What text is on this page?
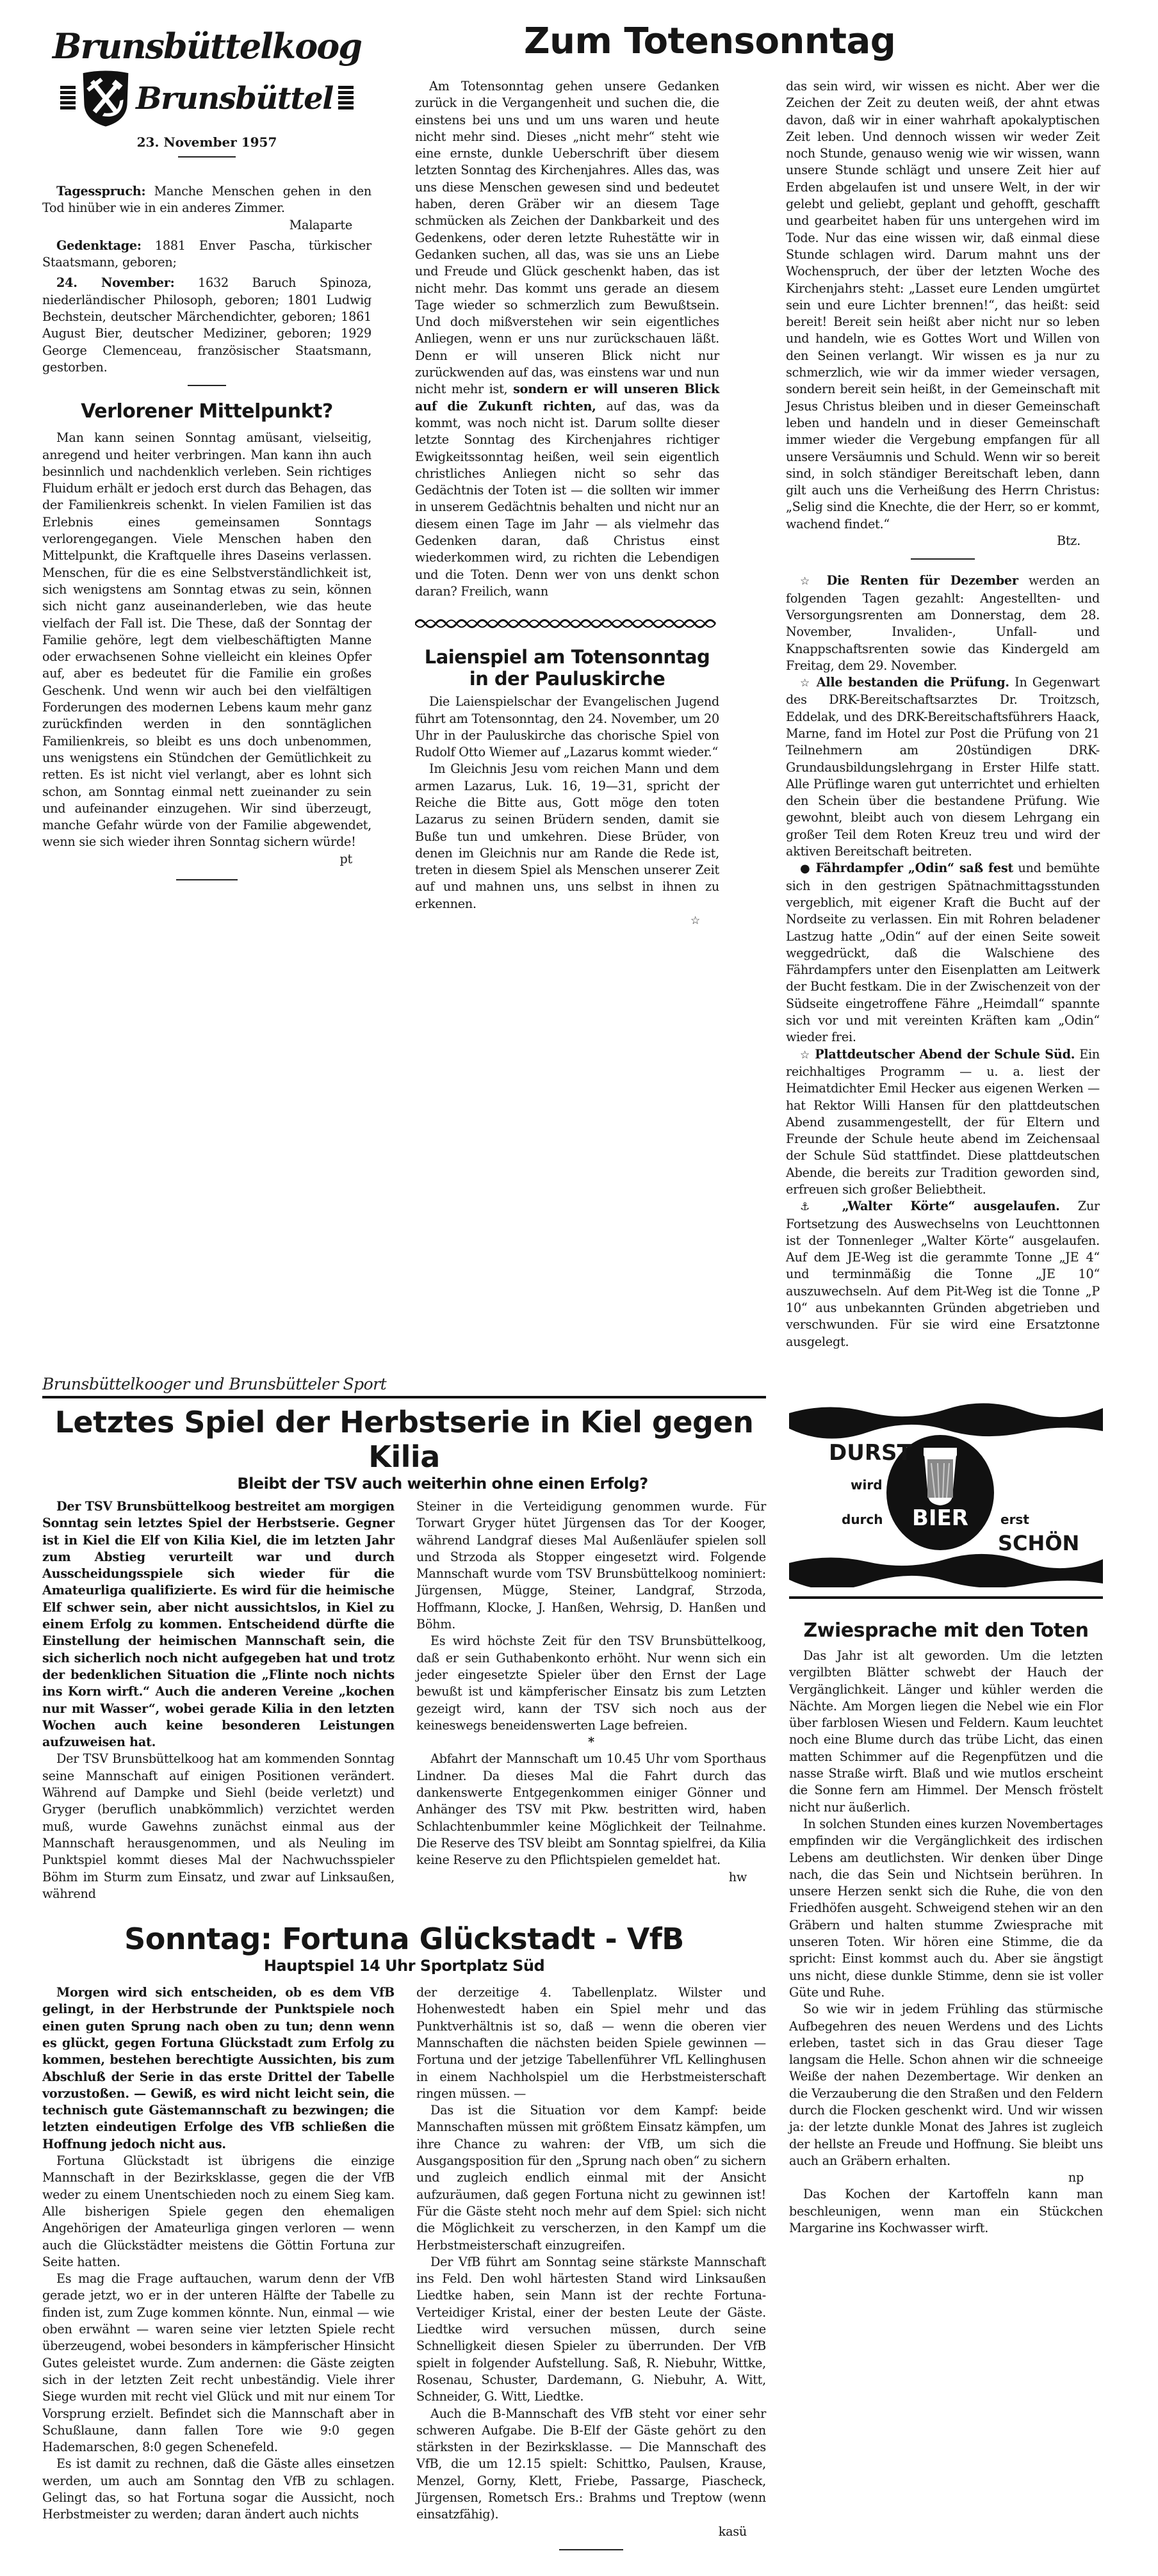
Brunsbüttelkoog
Brunsbüttel
23. November 1957

Tagesspruch: Manche Menschen gehen in den Tod hinüber wie in ein anderes Zimmer.

Malaparte

Gedenktage: 1881 Enver Pascha, türkischer Staatsmann, geboren;

24. November: 1632 Baruch Spinoza, niederländischer Philosoph, geboren; 1801 Ludwig Bechstein, deutscher Märchendichter, geboren; 1861 August Bier, deutscher Mediziner, geboren; 1929 George Clemenceau, französischer Staatsmann, gestorben.

Verlorener Mittelpunkt?

Man kann seinen Sonntag amüsant, vielseitig, anregend und heiter verbringen. Man kann ihn auch besinnlich und nachdenklich verleben. Sein richtiges Fluidum erhält er jedoch erst durch das Behagen, das der Familienkreis schenkt. In vielen Familien ist das Erlebnis eines gemeinsamen Sonntags verlorengegangen. Viele Menschen haben den Mittelpunkt, die Kraftquelle ihres Daseins verlassen. Menschen, für die es eine Selbstverständlichkeit ist, sich wenigstens am Sonntag etwas zu sein, können sich nicht ganz auseinanderleben, wie das heute vielfach der Fall ist. Die These, daß der Sonntag der Familie gehöre, legt dem vielbeschäftigten Manne oder erwachsenen Sohne vielleicht ein kleines Opfer auf, aber es bedeutet für die Familie ein großes Geschenk. Und wenn wir auch bei den vielfältigen Forderungen des modernen Lebens kaum mehr ganz zurückfinden werden in den sonntäglichen Familienkreis, so bleibt es uns doch unbenommen, uns wenigstens ein Stündchen der Gemütlichkeit zu retten. Es ist nicht viel verlangt, aber es lohnt sich schon, am Sonntag einmal nett zueinander zu sein und aufeinander einzugehen. Wir sind überzeugt, manche Gefahr würde von der Familie abgewendet, wenn sie sich wieder ihren Sonntag sichern würde!

pt

Zum Totensonntag

Am Totensonntag gehen unsere Gedanken zurück in die Vergangenheit und suchen die, die einstens bei uns und um uns waren und heute nicht mehr sind. Dieses „nicht mehr“ steht wie eine ernste, dunkle Ueberschrift über diesem letzten Sonntag des Kirchenjahres. Alles das, was uns diese Menschen gewesen sind und bedeutet haben, deren Gräber wir an diesem Tage schmücken als Zeichen der Dankbarkeit und des Gedenkens, oder deren letzte Ruhestätte wir in Gedanken suchen, all das, was sie uns an Liebe und Freude und Glück geschenkt haben, das ist nicht mehr. Das kommt uns gerade an diesem Tage wieder so schmerzlich zum Bewußtsein. Und doch mißverstehen wir sein eigentliches Anliegen, wenn er uns nur zurückschauen läßt. Denn er will unseren Blick nicht nur zurückwenden auf das, was einstens war und nun nicht mehr ist, sondern er will unseren Blick auf die Zukunft richten, auf das, was da kommt, was noch nicht ist. Darum sollte dieser letzte Sonntag des Kirchenjahres richtiger Ewigkeitssonntag heißen, weil sein eigentlich christliches Anliegen nicht so sehr das Gedächtnis der Toten ist — die sollten wir immer in unserem Gedächtnis behalten und nicht nur an diesem einen Tage im Jahr — als vielmehr das Gedenken daran, daß Christus einst wiederkommen wird, zu richten die Lebendigen und die Toten. Denn wer von uns denkt schon daran? Freilich, wann

Laienspiel am Totensonntag in der Pauluskirche

Die Laienspielschar der Evangelischen Jugend führt am Totensonntag, den 24. November, um 20 Uhr in der Pauluskirche das chorische Spiel von Rudolf Otto Wiemer auf „Lazarus kommt wieder.“

Im Gleichnis Jesu vom reichen Mann und dem armen Lazarus, Luk. 16, 19—31, spricht der Reiche die Bitte aus, Gott möge den toten Lazarus zu seinen Brüdern senden, damit sie Buße tun und umkehren. Diese Brüder, von denen im Gleichnis nur am Rande die Rede ist, treten in diesem Spiel als Menschen unserer Zeit auf und mahnen uns, uns selbst in ihnen zu erkennen.

☆

das sein wird, wir wissen es nicht. Aber wer die Zeichen der Zeit zu deuten weiß, der ahnt etwas davon, daß wir in einer wahrhaft apokalyptischen Zeit leben. Und dennoch wissen wir weder Zeit noch Stunde, genauso wenig wie wir wissen, wann unsere Stunde schlägt und unsere Zeit hier auf Erden abgelaufen ist und unsere Welt, in der wir gelebt und geliebt, geplant und gehofft, geschafft und gearbeitet haben für uns untergehen wird im Tode. Nur das eine wissen wir, daß einmal diese Stunde schlagen wird. Darum mahnt uns der Wochenspruch, der über der letzten Woche des Kirchenjahrs steht: „Lasset eure Lenden umgürtet sein und eure Lichter brennen!“, das heißt: seid bereit! Bereit sein heißt aber nicht nur so leben und handeln, wie es Gottes Wort und Willen von den Seinen verlangt. Wir wissen es ja nur zu schmerzlich, wie wir da immer wieder versagen, sondern bereit sein heißt, in der Gemeinschaft mit Jesus Christus bleiben und in dieser Gemeinschaft leben und handeln und in dieser Gemeinschaft immer wieder die Vergebung empfangen für all unsere Versäumnis und Schuld. Wenn wir so bereit sind, in solch ständiger Bereitschaft leben, dann gilt auch uns die Verheißung des Herrn Christus: „Selig sind die Knechte, die der Herr, so er kommt, wachend findet.“

Btz.

☆ Die Renten für Dezember werden an folgenden Tagen gezahlt: Angestellten- und Versorgungsrenten am Donnerstag, dem 28. November, Invaliden-, Unfall- und Knappschaftsrenten sowie das Kindergeld am Freitag, dem 29. November.

☆ Alle bestanden die Prüfung. In Gegenwart des DRK-Bereitschaftsarztes Dr. Troitzsch, Eddelak, und des DRK-Bereitschaftsführers Haack, Marne, fand im Hotel zur Post die Prüfung von 21 Teilnehmern am 20stündigen DRK-Grundausbildungslehrgang in Erster Hilfe statt. Alle Prüflinge waren gut unterrichtet und erhielten den Schein über die bestandene Prüfung. Wie gewohnt, bleibt auch von diesem Lehrgang ein großer Teil dem Roten Kreuz treu und wird der aktiven Bereitschaft beitreten.

● Fährdampfer „Odin“ saß fest und bemühte sich in den gestrigen Spätnachmittagsstunden vergeblich, mit eigener Kraft die Bucht auf der Nordseite zu verlassen. Ein mit Rohren beladener Lastzug hatte „Odin“ auf der einen Seite soweit weggedrückt, daß die Walschiene des Fährdampfers unter den Eisenplatten am Leitwerk der Bucht festkam. Die in der Zwischenzeit von der Südseite eingetroffene Fähre „Heimdall“ spannte sich vor und mit vereinten Kräften kam „Odin“ wieder frei.

☆ Plattdeutscher Abend der Schule Süd. Ein reichhaltiges Programm — u. a. liest der Heimatdichter Emil Hecker aus eigenen Werken — hat Rektor Willi Hansen für den plattdeutschen Abend zusammengestellt, der für Eltern und Freunde der Schule heute abend im Zeichensaal der Schule Süd stattfindet. Diese plattdeutschen Abende, die bereits zur Tradition geworden sind, erfreuen sich großer Beliebtheit.

⚓ „Walter Körte“ ausgelaufen. Zur Fortsetzung des Auswechselns von Leuchttonnen ist der Tonnenleger „Walter Körte“ ausgelaufen. Auf dem JE-Weg ist die gerammte Tonne „JE 4“ und terminmäßig die Tonne „JE 10“ auszuwechseln. Auf dem Pit-Weg ist die Tonne „P 10“ aus unbekannten Gründen abgetrieben und verschwunden. Für sie wird eine Ersatztonne ausgelegt.

Brunsbüttelkooger und Brunsbütteler Sport
Letztes Spiel der Herbstserie in Kiel gegen Kilia
Bleibt der TSV auch weiterhin ohne einen Erfolg?

Der TSV Brunsbüttelkoog bestreitet am morgigen Sonntag sein letztes Spiel der Herbstserie. Gegner ist in Kiel die Elf von Kilia Kiel, die im letzten Jahr zum Abstieg verurteilt war und durch Ausscheidungsspiele sich wieder für die Amateurliga qualifizierte. Es wird für die heimische Elf schwer sein, aber nicht aussichtslos, in Kiel zu einem Erfolg zu kommen. Entscheidend dürfte die Einstellung der heimischen Mannschaft sein, die sich sicherlich noch nicht aufgegeben hat und trotz der bedenklichen Situation die „Flinte noch nichts ins Korn wirft.“ Auch die anderen Vereine „kochen nur mit Wasser“, wobei gerade Kilia in den letzten Wochen auch keine besonderen Leistungen aufzuweisen hat.

Der TSV Brunsbüttelkoog hat am kommenden Sonntag seine Mannschaft auf einigen Positionen verändert. Während auf Dampke und Siehl (beide verletzt) und Gryger (beruflich unabkömmlich) verzichtet werden muß, wurde Gawehns zunächst einmal aus der Mannschaft herausgenommen, und als Neuling im Punktspiel kommt dieses Mal der Nachwuchsspieler Böhm im Sturm zum Einsatz, und zwar auf Linksaußen, während

Steiner in die Verteidigung genommen wurde. Für Torwart Gryger hütet Jürgensen das Tor der Kooger, während Landgraf dieses Mal Außenläufer spielen soll und Strzoda als Stopper eingesetzt wird. Folgende Mannschaft wurde vom TSV Brunsbüttelkoog nominiert: Jürgensen, Mügge, Steiner, Landgraf, Strzoda, Hoffmann, Klocke, J. Hanßen, Wehrsig, D. Hanßen und Böhm.

Es wird höchste Zeit für den TSV Brunsbüttelkoog, daß er sein Guthabenkonto erhöht. Nur wenn sich ein jeder eingesetzte Spieler über den Ernst der Lage bewußt ist und kämpferischer Einsatz bis zum Letzten gezeigt wird, kann der TSV sich noch aus der keineswegs beneidenswerten Lage befreien.

*

Abfahrt der Mannschaft um 10.45 Uhr vom Sporthaus Lindner. Da dieses Mal die Fahrt durch das dankenswerte Entgegenkommen einiger Gönner und Anhänger des TSV mit Pkw. bestritten wird, haben Schlachtenbummler keine Möglichkeit der Teilnahme. Die Reserve des TSV bleibt am Sonntag spielfrei, da Kilia keine Reserve zu den Pflichtspielen gemeldet hat.

hw

Sonntag: Fortuna Glückstadt - VfB
Hauptspiel 14 Uhr Sportplatz Süd

Morgen wird sich entscheiden, ob es dem VfB gelingt, in der Herbstrunde der Punktspiele noch einen guten Sprung nach oben zu tun; denn wenn es glückt, gegen Fortuna Glückstadt zum Erfolg zu kommen, bestehen berechtigte Aussichten, bis zum Abschluß der Serie in das erste Drittel der Tabelle vorzustoßen. — Gewiß, es wird nicht leicht sein, die technisch gute Gästemannschaft zu bezwingen; die letzten eindeutigen Erfolge des VfB schließen die Hoffnung jedoch nicht aus.

Fortuna Glückstadt ist übrigens die einzige Mannschaft in der Bezirksklasse, gegen die der VfB weder zu einem Unentschieden noch zu einem Sieg kam. Alle bisherigen Spiele gegen den ehemaligen Angehörigen der Amateurliga gingen verloren — wenn auch die Glückstädter meistens die Göttin Fortuna zur Seite hatten.

Es mag die Frage auftauchen, warum denn der VfB gerade jetzt, wo er in der unteren Hälfte der Tabelle zu finden ist, zum Zuge kommen könnte. Nun, einmal — wie oben erwähnt — waren seine vier letzten Spiele recht überzeugend, wobei besonders in kämpferischer Hinsicht Gutes geleistet wurde. Zum andernen: die Gäste zeigten sich in der letzten Zeit recht unbeständig. Viele ihrer Siege wurden mit recht viel Glück und mit nur einem Tor Vorsprung erzielt. Befindet sich die Mannschaft aber in Schußlaune, dann fallen Tore wie 9:0 gegen Hademarschen, 8:0 gegen Schenefeld.

Es ist damit zu rechnen, daß die Gäste alles einsetzen werden, um auch am Sonntag den VfB zu schlagen. Gelingt das, so hat Fortuna sogar die Aussicht, noch Herbstmeister zu werden; daran ändert auch nichts

der derzeitige 4. Tabellenplatz. Wilster und Hohenwestedt haben ein Spiel mehr und das Punktverhältnis ist so, daß — wenn die oberen vier Mannschaften die nächsten beiden Spiele gewinnen — Fortuna und der jetzige Tabellenführer VfL Kellinghusen in einem Nachholspiel um die Herbstmeisterschaft ringen müssen. —

Das ist die Situation vor dem Kampf: beide Mannschaften müssen mit größtem Einsatz kämpfen, um ihre Chance zu wahren: der VfB, um sich die Ausgangsposition für den „Sprung nach oben“ zu sichern und zugleich endlich einmal mit der Ansicht aufzuräumen, daß gegen Fortuna nicht zu gewinnen ist! Für die Gäste steht noch mehr auf dem Spiel: sich nicht die Möglichkeit zu verscherzen, in den Kampf um die Herbstmeisterschaft einzugreifen.

Der VfB führt am Sonntag seine stärkste Mannschaft ins Feld. Den wohl härtesten Stand wird Linksaußen Liedtke haben, sein Mann ist der rechte Fortuna-Verteidiger Kristal, einer der besten Leute der Gäste. Liedtke wird versuchen müssen, durch seine Schnelligkeit diesen Spieler zu überrunden. Der VfB spielt in folgender Aufstellung. Saß, R. Niebuhr, Wittke, Rosenau, Schuster, Dardemann, G. Niebuhr, A. Witt, Schneider, G. Witt, Liedtke.

Auch die B-Mannschaft des VfB steht vor einer sehr schweren Aufgabe. Die B-Elf der Gäste gehört zu den stärksten in der Bezirksklasse. — Die Mannschaft des VfB, die um 12.15 spielt: Schittko, Paulsen, Krause, Menzel, Gorny, Klett, Friebe, Passarge, Piascheck, Jürgensen, Rometsch Ers.: Brahms und Treptow (wenn einsatzfähig).

kasü

DURST
wird
durch BIER	erst
SCHÖN
Zwiesprache mit den Toten

Das Jahr ist alt geworden. Um die letzten vergilbten Blätter schwebt der Hauch der Vergänglichkeit. Länger und kühler werden die Nächte. Am Morgen liegen die Nebel wie ein Flor über farblosen Wiesen und Feldern. Kaum leuchtet noch eine Blume durch das trübe Licht, das einen matten Schimmer auf die Regenpfützen und die nasse Straße wirft. Blaß und wie mutlos erscheint die Sonne fern am Himmel. Der Mensch fröstelt nicht nur äußerlich.

In solchen Stunden eines kurzen Novembertages empfinden wir die Vergänglichkeit des irdischen Lebens am deutlichsten. Wir denken über Dinge nach, die das Sein und Nichtsein berühren. In unsere Herzen senkt sich die Ruhe, die von den Friedhöfen ausgeht. Schweigend stehen wir an den Gräbern und halten stumme Zwiesprache mit unseren Toten. Wir hören eine Stimme, die da spricht: Einst kommst auch du. Aber sie ängstigt uns nicht, diese dunkle Stimme, denn sie ist voller Güte und Ruhe.

So wie wir in jedem Frühling das stürmische Aufbegehren des neuen Werdens und des Lichts erleben, tastet sich in das Grau dieser Tage langsam die Helle. Schon ahnen wir die schneeige Weiße der nahen Dezembertage. Wir denken an die Verzauberung die den Straßen und den Feldern durch die Flocken geschenkt wird. Und wir wissen ja: der letzte dunkle Monat des Jahres ist zugleich der hellste an Freude und Hoffnung. Sie bleibt uns auch an Gräbern erhalten.

np

Das Kochen der Kartoffeln kann man beschleunigen, wenn man ein Stückchen Margarine ins Kochwasser wirft.
